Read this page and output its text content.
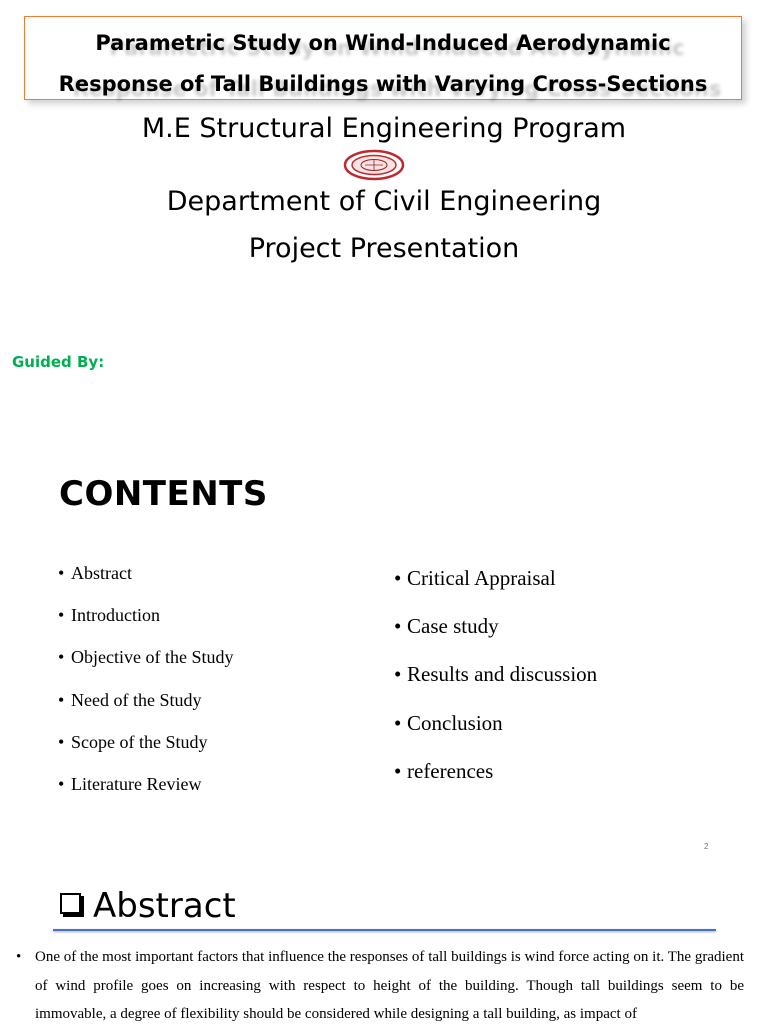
Parametric Study on Wind-Induced Aerodynamic
Response of Tall Buildings with Varying Cross-Sections
M.E Structural Engineering Program
Department of Civil Engineering
Project Presentation
Guided By:
CONTENTS
• Abstract
• Introduction
• Objective of the Study
• Need of the Study
• Scope of the Study
• Literature Review
• Critical Appraisal
• Case study
• Results and discussion
• Conclusion
• references
2
Abstract
• One of the most important factors that influence the responses of tall buildings is wind force acting on it. The gradient of wind profile goes on increasing with respect to height of the building. Though tall buildings seem to be immovable, a degree of flexibility should be considered while designing a tall building, as impact of
